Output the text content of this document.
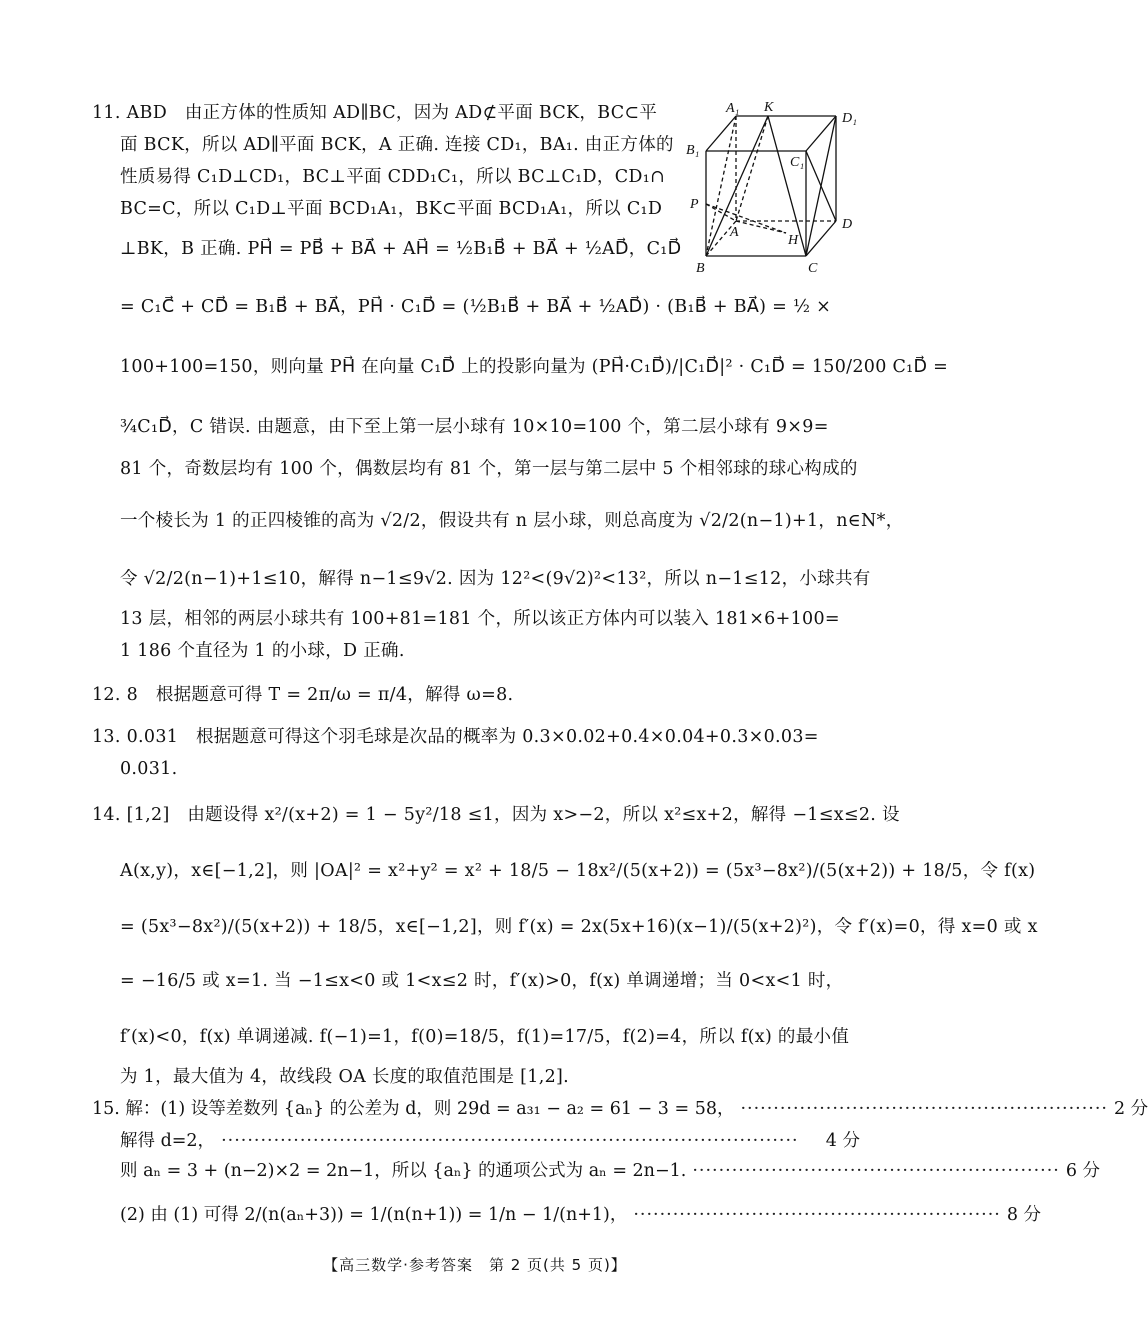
11. ABD　由正方体的性质知 AD∥BC，因为 AD⊄平面 BCK，BC⊂平
面 BCK，所以 AD∥平面 BCK，A 正确. 连接 CD₁，BA₁. 由正方体的
性质易得 C₁D⊥CD₁，BC⊥平面 CDD₁C₁，所以 BC⊥C₁D，CD₁∩
BC=C，所以 C₁D⊥平面 BCD₁A₁，BK⊂平面 BCD₁A₁，所以 C₁D
⊥BK，B 正确. PH⃗ = PB⃗ + BA⃗ + AH⃗ = ½B₁B⃗ + BA⃗ + ½AD⃗，C₁D⃗
= C₁C⃗ + CD⃗ = B₁B⃗ + BA⃗，PH⃗ · C₁D⃗ = (½B₁B⃗ + BA⃗ + ½AD⃗) · (B₁B⃗ + BA⃗) = ½ ×
100+100=150，则向量 PH⃗ 在向量 C₁D⃗ 上的投影向量为 (PH⃗·C₁D⃗)/|C₁D⃗|² · C₁D⃗ = 150/200 C₁D⃗ =
¾C₁D⃗，C 错误. 由题意，由下至上第一层小球有 10×10=100 个，第二层小球有 9×9=
81 个，奇数层均有 100 个，偶数层均有 81 个，第一层与第二层中 5 个相邻球的球心构成的
一个棱长为 1 的正四棱锥的高为 √2/2，假设共有 n 层小球，则总高度为 √2/2(n−1)+1，n∈N*，
令 √2/2(n−1)+1≤10，解得 n−1≤9√2. 因为 12²<(9√2)²<13²，所以 n−1≤12，小球共有
13 层，相邻的两层小球共有 100+81=181 个，所以该正方体内可以装入 181×6+100=
1 186 个直径为 1 的小球，D 正确.
A₁ K
D₁
B₁
C₁
P
A
H
D
B	C
12. 8　根据题意可得 T = 2π/ω = π/4，解得 ω=8.
13. 0.031　根据题意可得这个羽毛球是次品的概率为 0.3×0.02+0.4×0.04+0.3×0.03=
0.031.
14. [1,2]　由题设得 x²/(x+2) = 1 − 5y²/18 ≤1，因为 x>−2，所以 x²≤x+2，解得 −1≤x≤2. 设
A(x,y)，x∈[−1,2]，则 |OA|² = x²+y² = x² + 18/5 − 18x²/(5(x+2)) = (5x³−8x²)/(5(x+2)) + 18/5，令 f(x)
= (5x³−8x²)/(5(x+2)) + 18/5，x∈[−1,2]，则 f′(x) = 2x(5x+16)(x−1)/(5(x+2)²)，令 f′(x)=0，得 x=0 或 x
= −16/5 或 x=1. 当 −1≤x<0 或 1<x≤2 时，f′(x)>0，f(x) 单调递增；当 0<x<1 时，
f′(x)<0，f(x) 单调递减. f(−1)=1，f(0)=18/5，f(1)=17/5，f(2)=4，所以 f(x) 的最小值
为 1，最大值为 4，故线段 OA 长度的取值范围是 [1,2].
15. 解：(1) 设等差数列 {aₙ} 的公差为 d，则 29d = a₃₁ − a₂ = 61 − 3 = 58， ························································ 2 分
解得 d=2， ························································································	4 分
则 aₙ = 3 + (n−2)×2 = 2n−1，所以 {aₙ} 的通项公式为 aₙ = 2n−1. ························································ 6 分
(2) 由 (1) 可得 2/(n(aₙ+3)) = 1/(n(n+1)) = 1/n − 1/(n+1)， ························································ 8 分
【高三数学·参考答案　第 2 页(共 5 页)】
